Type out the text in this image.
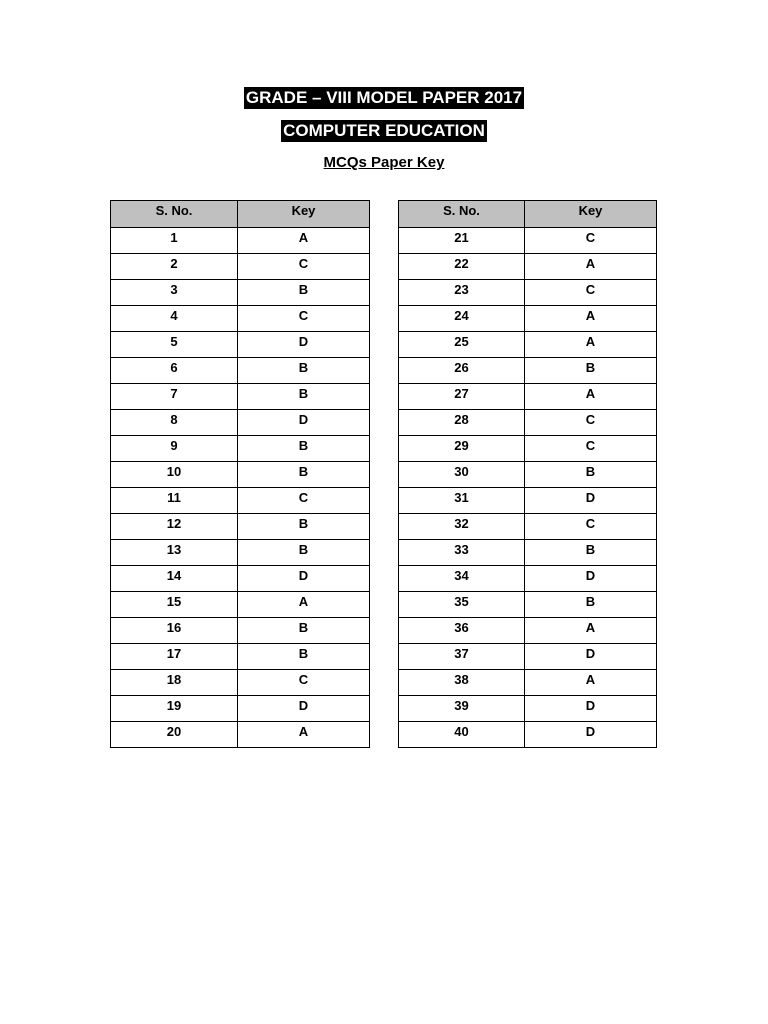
GRADE – VIII MODEL PAPER 2017
COMPUTER EDUCATION
MCQs Paper Key
S. No.	Key
1	A
2	C
3	B
4	C
5	D
6	B
7	B
8	D
9	B
10	B
11	C
12	B
13	B
14	D
15	A
16	B
17	B
18	C
19	D
20	A
S. No.	Key
21	C
22	A
23	C
24	A
25	A
26	B
27	A
28	C
29	C
30	B
31	D
32	C
33	B
34	D
35	B
36	A
37	D
38	A
39	D
40	D
